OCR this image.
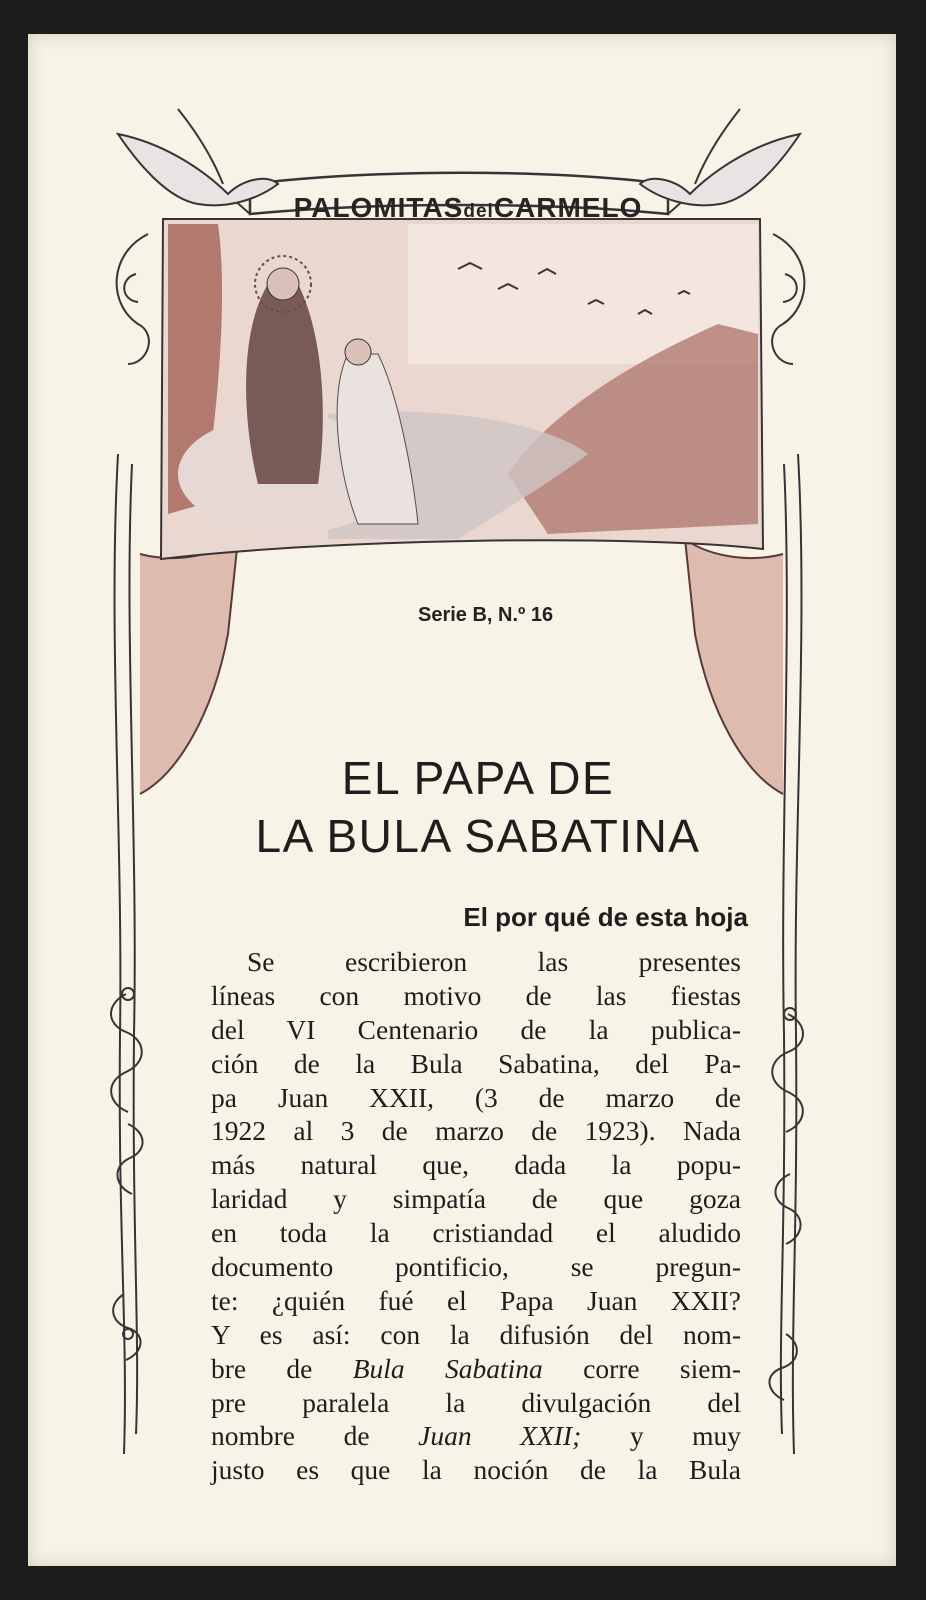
PALOMITASdelCARMELO
Serie B, N.º 16
EL PAPA DE
LA BULA SABATINA
El por qué de esta hoja
Se escribieron las presentes
líneas con motivo de las fiestas
del VI Centenario de la publica-
ción de la Bula Sabatina, del Pa-
pa Juan XXII, (3 de marzo de
1922 al 3 de marzo de 1923). Nada
más natural que, dada la popu-
laridad y simpatía de que goza
en toda la cristiandad el aludido
documento pontificio, se pregun-
te: ¿quién fué el Papa Juan XXII?
Y es así: con la difusión del nom-
bre de Bula Sabatina corre siem-
pre paralela la divulgación del
nombre de Juan XXII; y muy
justo es que la noción de la Bula
